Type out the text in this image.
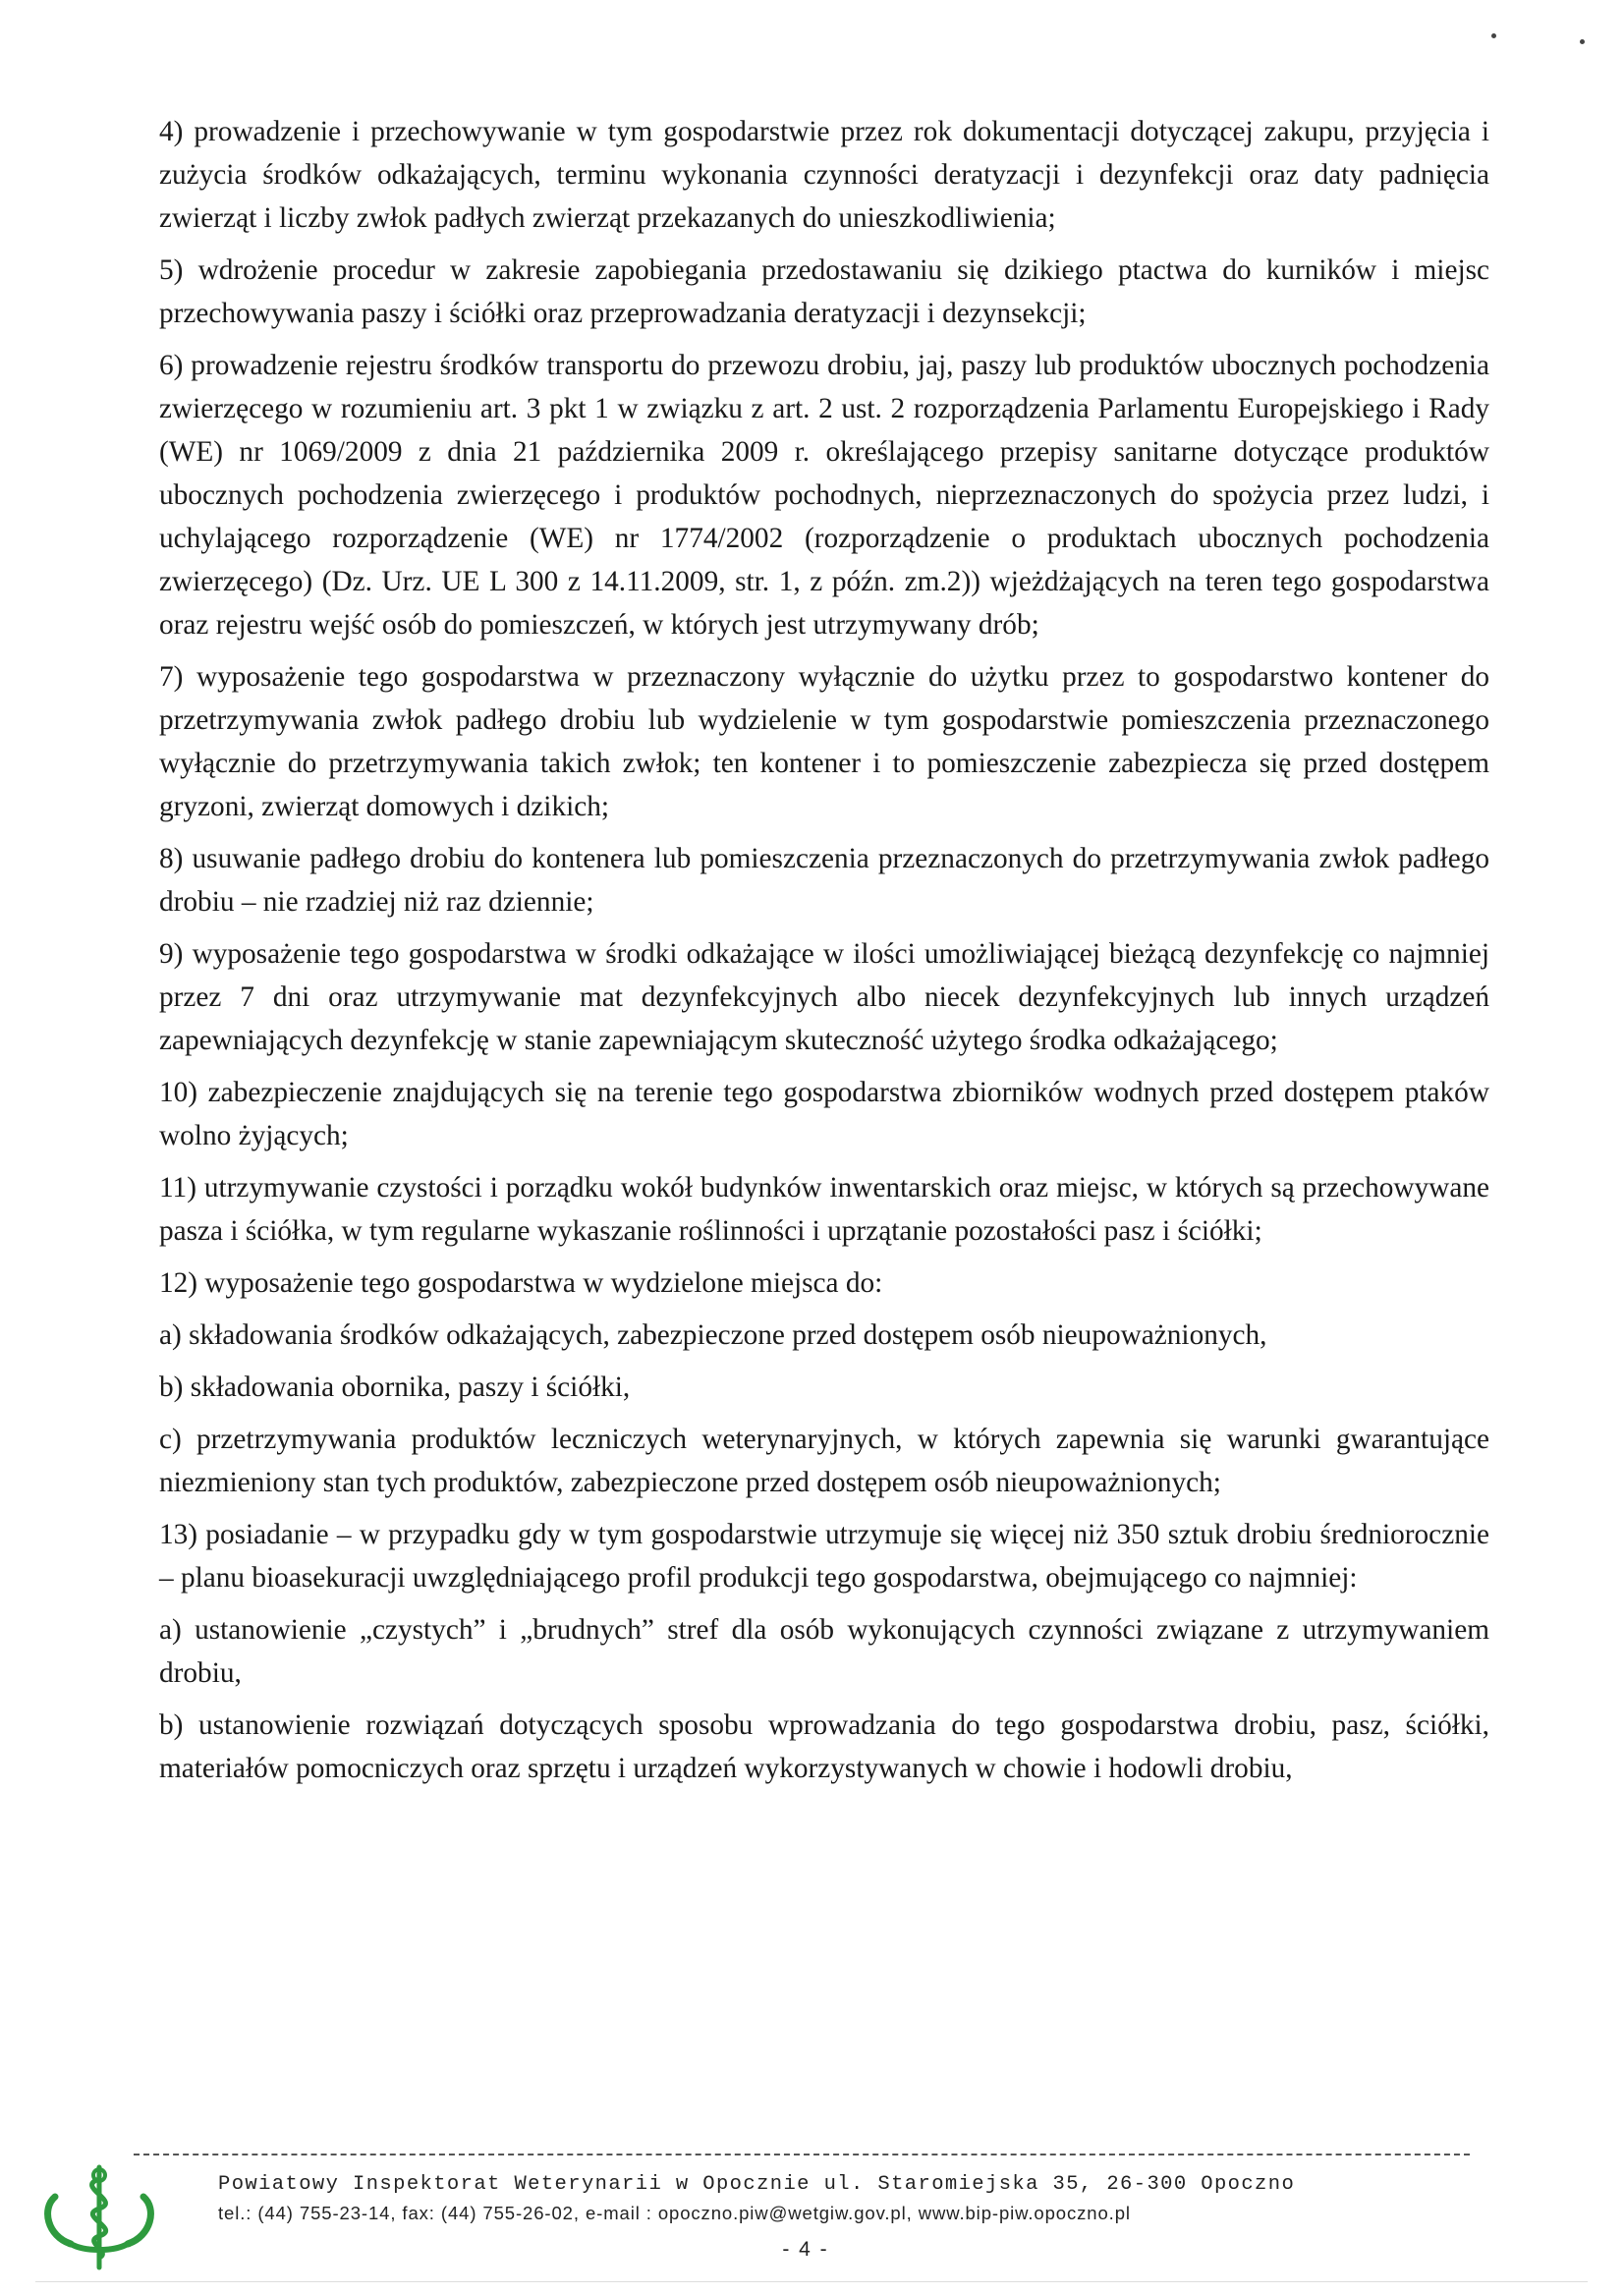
4) prowadzenie i przechowywanie w tym gospodarstwie przez rok dokumentacji dotyczącej zakupu, przyjęcia i zużycia środków odkażających, terminu wykonania czynności deratyzacji i dezynfekcji oraz daty padnięcia zwierząt i liczby zwłok padłych zwierząt przekazanych do unieszkodliwienia;

5) wdrożenie procedur w zakresie zapobiegania przedostawaniu się dzikiego ptactwa do kurników i miejsc przechowywania paszy i ściółki oraz przeprowadzania deratyzacji i dezynsekcji;

6) prowadzenie rejestru środków transportu do przewozu drobiu, jaj, paszy lub produktów ubocznych pochodzenia zwierzęcego w rozumieniu art. 3 pkt 1 w związku z art. 2 ust. 2 rozporządzenia Parlamentu Europejskiego i Rady (WE) nr 1069/2009 z dnia 21 października 2009 r. określającego przepisy sanitarne dotyczące produktów ubocznych pochodzenia zwierzęcego i produktów pochodnych, nieprzeznaczonych do spożycia przez ludzi, i uchylającego rozporządzenie (WE) nr 1774/2002 (rozporządzenie o produktach ubocznych pochodzenia zwierzęcego) (Dz. Urz. UE L 300 z 14.11.2009, str. 1, z późn. zm.2)) wjeżdżających na teren tego gospodarstwa oraz rejestru wejść osób do pomieszczeń, w których jest utrzymywany drób;

7) wyposażenie tego gospodarstwa w przeznaczony wyłącznie do użytku przez to gospodarstwo kontener do przetrzymywania zwłok padłego drobiu lub wydzielenie w tym gospodarstwie pomieszczenia przeznaczonego wyłącznie do przetrzymywania takich zwłok; ten kontener i to pomieszczenie zabezpiecza się przed dostępem gryzoni, zwierząt domowych i dzikich;

8) usuwanie padłego drobiu do kontenera lub pomieszczenia przeznaczonych do przetrzymywania zwłok padłego drobiu – nie rzadziej niż raz dziennie;

9) wyposażenie tego gospodarstwa w środki odkażające w ilości umożliwiającej bieżącą dezynfekcję co najmniej przez 7 dni oraz utrzymywanie mat dezynfekcyjnych albo niecek dezynfekcyjnych lub innych urządzeń zapewniających dezynfekcję w stanie zapewniającym skuteczność użytego środka odkażającego;

10) zabezpieczenie znajdujących się na terenie tego gospodarstwa zbiorników wodnych przed dostępem ptaków wolno żyjących;

11) utrzymywanie czystości i porządku wokół budynków inwentarskich oraz miejsc, w których są przechowywane pasza i ściółka, w tym regularne wykaszanie roślinności i uprzątanie pozostałości pasz i ściółki;

12) wyposażenie tego gospodarstwa w wydzielone miejsca do:

a) składowania środków odkażających, zabezpieczone przed dostępem osób nieupoważnionych,

b) składowania obornika, paszy i ściółki,

c) przetrzymywania produktów leczniczych weterynaryjnych, w których zapewnia się warunki gwarantujące niezmieniony stan tych produktów, zabezpieczone przed dostępem osób nieupoważnionych;

13) posiadanie – w przypadku gdy w tym gospodarstwie utrzymuje się więcej niż 350 sztuk drobiu średniorocznie – planu bioasekuracji uwzględniającego profil produkcji tego gospodarstwa, obejmującego co najmniej:

a) ustanowienie „czystych” i „brudnych” stref dla osób wykonujących czynności związane z utrzymywaniem drobiu,

b) ustanowienie rozwiązań dotyczących sposobu wprowadzania do tego gospodarstwa drobiu, pasz, ściółki, materiałów pomocniczych oraz sprzętu i urządzeń wykorzystywanych w chowie i hodowli drobiu,

Powiatowy Inspektorat Weterynarii w Opocznie ul. Staromiejska 35, 26-300 Opoczno
tel.: (44) 755-23-14, fax: (44) 755-26-02, e-mail : opoczno.piw@wetgiw.gov.pl, www.bip-piw.opoczno.pl
- 4 -
